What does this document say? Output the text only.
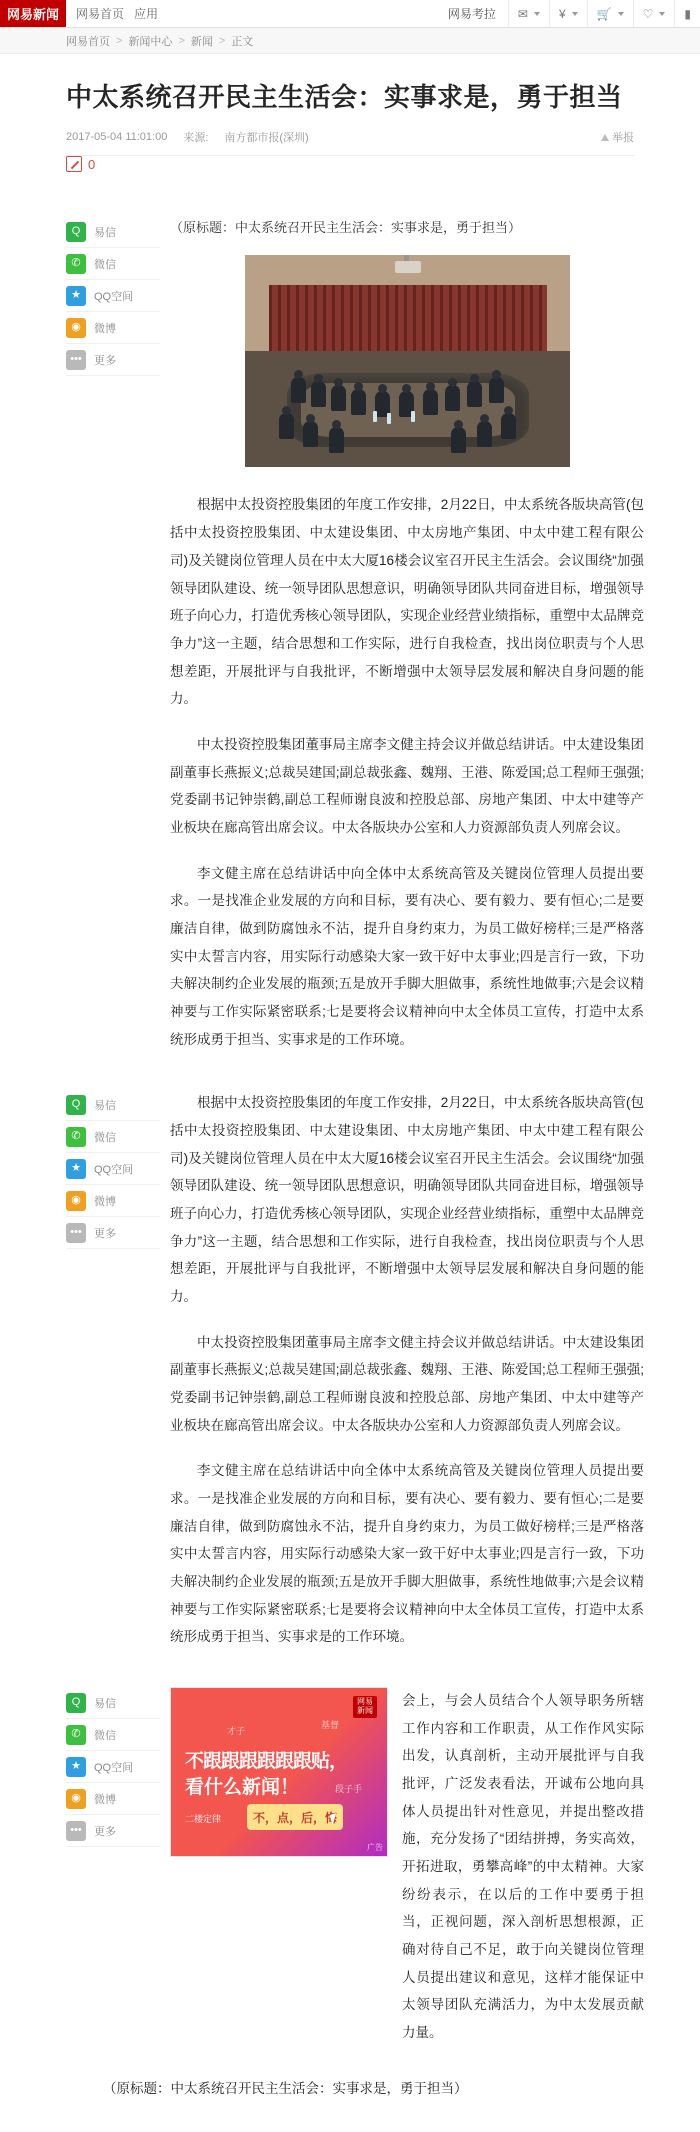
网易 新闻 网易首页 应用	网易考拉 ✉	¥	🛒	♡	▮
网易首页 > 新闻中心 > 新闻 > 正文
中太系统召开民主生活会：实事求是，勇于担当
2017-05-04 11:01:00 来源: 南方都市报(深圳)	举报
0
Q	易信
✆	微信
★	QQ空间
◉	微博
•••	更多

（原标题：中太系统召开民主生活会：实事求是，勇于担当）

根据中太投资控股集团的年度工作安排，2月22日，中太系统各版块高管(包括中太投资控股集团、中太建设集团、中太房地产集团、中太中建工程有限公司)及关键岗位管理人员在中太大厦16楼会议室召开民主生活会。会议围绕“加强领导团队建设、统一领导团队思想意识，明确领导团队共同奋进目标，增强领导班子向心力，打造优秀核心领导团队，实现企业经营业绩指标，重塑中太品牌竞争力”这一主题，结合思想和工作实际，进行自我检查，找出岗位职责与个人思想差距，开展批评与自我批评，不断增强中太领导层发展和解决自身问题的能力。

中太投资控股集团董事局主席李文健主持会议并做总结讲话。中太建设集团副董事长燕振义;总裁吴建国;副总裁张鑫、魏翔、王港、陈爱国;总工程师王强强;党委副书记钟崇鹤,副总工程师谢良波和控股总部、房地产集团、中太中建等产业板块在廊高管出席会议。中太各版块办公室和人力资源部负责人列席会议。

李文健主席在总结讲话中向全体中太系统高管及关键岗位管理人员提出要求。一是找准企业发展的方向和目标，要有决心、要有毅力、要有恒心;二是要廉洁自律，做到防腐蚀永不沾，提升自身约束力，为员工做好榜样;三是严格落实中太誓言内容，用实际行动感染大家一致干好中太事业;四是言行一致，下功夫解决制约企业发展的瓶颈;五是放开手脚大胆做事，系统性地做事;六是会议精神要与工作实际紧密联系;七是要将会议精神向中太全体员工宣传，打造中太系统形成勇于担当、实事求是的工作环境。

Q	易信
✆	微信
★	QQ空间
◉	微博
•••	更多

根据中太投资控股集团的年度工作安排，2月22日，中太系统各版块高管(包括中太投资控股集团、中太建设集团、中太房地产集团、中太中建工程有限公司)及关键岗位管理人员在中太大厦16楼会议室召开民主生活会。会议围绕“加强领导团队建设、统一领导团队思想意识，明确领导团队共同奋进目标，增强领导班子向心力，打造优秀核心领导团队，实现企业经营业绩指标，重塑中太品牌竞争力”这一主题，结合思想和工作实际，进行自我检查，找出岗位职责与个人思想差距，开展批评与自我批评，不断增强中太领导层发展和解决自身问题的能力。

中太投资控股集团董事局主席李文健主持会议并做总结讲话。中太建设集团副董事长燕振义;总裁吴建国;副总裁张鑫、魏翔、王港、陈爱国;总工程师王强强;党委副书记钟崇鹤,副总工程师谢良波和控股总部、房地产集团、中太中建等产业板块在廊高管出席会议。中太各版块办公室和人力资源部负责人列席会议。

李文健主席在总结讲话中向全体中太系统高管及关键岗位管理人员提出要求。一是找准企业发展的方向和目标，要有决心、要有毅力、要有恒心;二是要廉洁自律，做到防腐蚀永不沾，提升自身约束力，为员工做好榜样;三是严格落实中太誓言内容，用实际行动感染大家一致干好中太事业;四是言行一致，下功夫解决制约企业发展的瓶颈;五是放开手脚大胆做事，系统性地做事;六是会议精神要与工作实际紧密联系;七是要将会议精神向中太全体员工宣传，打造中太系统形成勇于担当、实事求是的工作环境。

Q	易信
✆	微信
★	QQ空间
◉	微博
•••	更多
网易
新闻
才子
基督
段子手
不跟跟跟跟跟跟贴，
看什么新闻！
二楼定律	不，点，后，悔
广告
会上，与会人员结合个人领导职务所辖工作内容和工作职责，从工作作风实际出发，认真剖析，主动开展批评与自我批评，广泛发表看法，开诚布公地向具体人员提出针对性意见，并提出整改措施，充分发扬了“团结拼搏，务实高效，开拓进取，勇攀高峰”的中太精神。大家纷纷表示，在以后的工作中要勇于担当，正视问题，深入剖析思想根源，正确对待自己不足，敢于向关键岗位管理人员提出建议和意见，这样才能保证中太领导团队充满活力，为中太发展贡献力量。
（原标题：中太系统召开民主生活会：实事求是，勇于担当）
